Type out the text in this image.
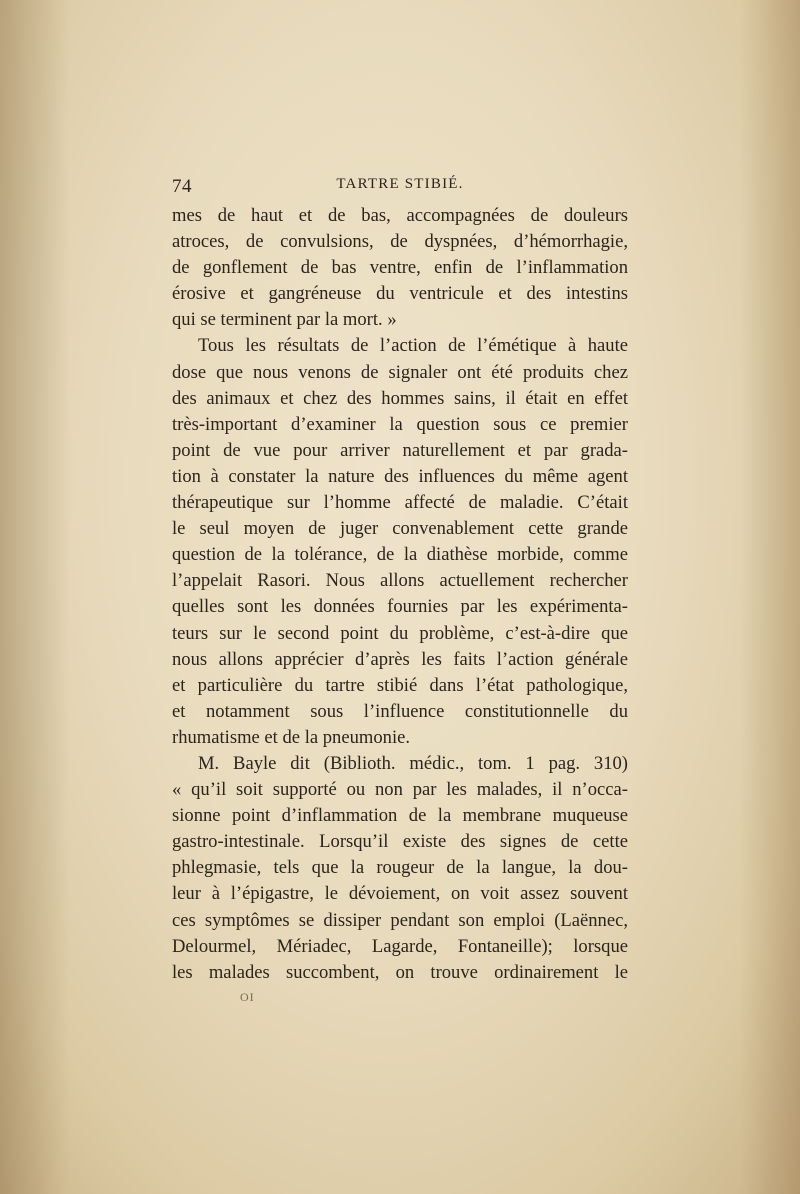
74	TARTRE STIBIÉ.
mes de haut et de bas, accompagnées de douleurs
atroces, de convulsions, de dyspnées, d’hémorrhagie,
de gonflement de bas ventre, enfin de l’inflammation
érosive et gangréneuse du ventricule et des intestins
qui se terminent par la mort. »
Tous les résultats de l’action de l’émétique à haute
dose que nous venons de signaler ont été produits chez
des animaux et chez des hommes sains, il était en effet
très-important d’examiner la question sous ce premier
point de vue pour arriver naturellement et par grada-
tion à constater la nature des influences du même agent
thérapeutique sur l’homme affecté de maladie. C’était
le seul moyen de juger convenablement cette grande
question de la tolérance, de la diathèse morbide, comme
l’appelait Rasori. Nous allons actuellement rechercher
quelles sont les données fournies par les expérimenta-
teurs sur le second point du problème, c’est-à-dire que
nous allons apprécier d’après les faits l’action générale
et particulière du tartre stibié dans l’état pathologique,
et notamment sous l’influence constitutionnelle du
rhumatisme et de la pneumonie.
M. Bayle dit (Biblioth. médic., tom. 1 pag. 310)
« qu’il soit supporté ou non par les malades, il n’occa-
sionne point d’inflammation de la membrane muqueuse
gastro-intestinale. Lorsqu’il existe des signes de cette
phlegmasie, tels que la rougeur de la langue, la dou-
leur à l’épigastre, le dévoiement, on voit assez souvent
ces symptômes se dissiper pendant son emploi (Laënnec,
Delourmel, Mériadec, Lagarde, Fontaneille); lorsque
les malades succombent, on trouve ordinairement le
OI
